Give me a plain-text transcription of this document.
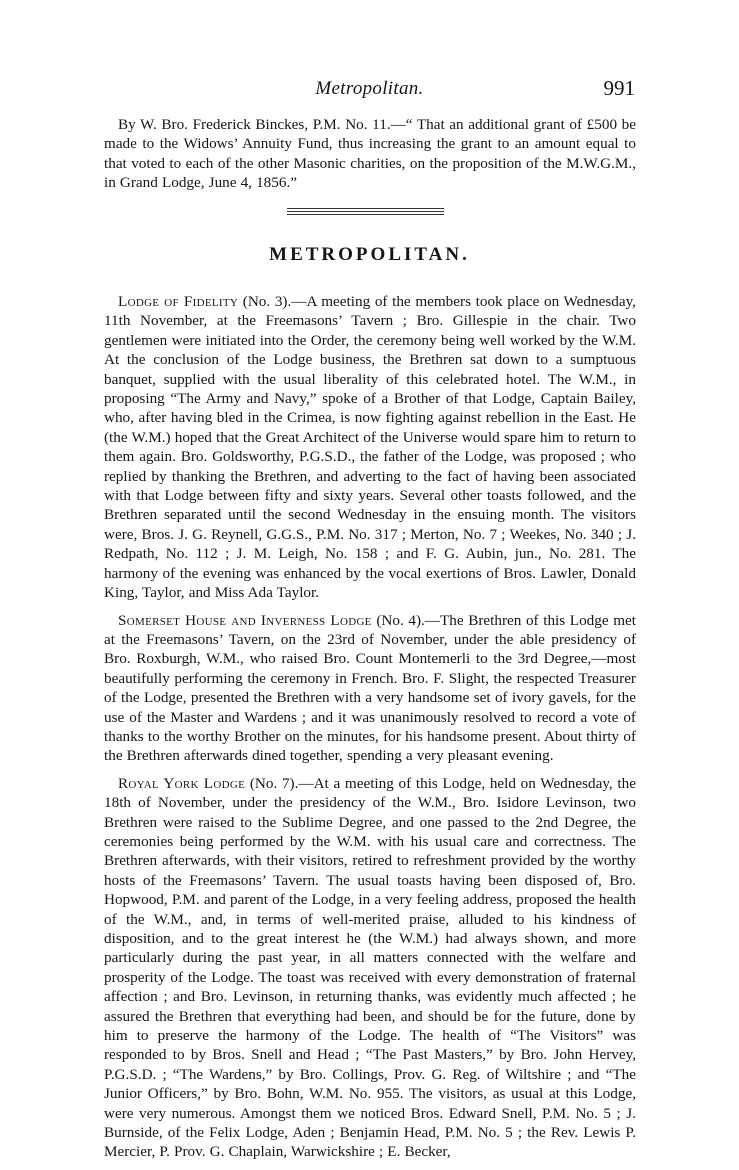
Metropolitan.	991

By W. Bro. Frederick Binckes, P.M. No. 11.—“ That an additional grant of £500 be made to the Widows’ Annuity Fund, thus increasing the grant to an amount equal to that voted to each of the other Masonic charities, on the proposition of the M.W.G.M., in Grand Lodge, June 4, 1856.”

METROPOLITAN.

Lodge of Fidelity (No. 3).—A meeting of the members took place on Wednesday, 11th November, at the Freemasons’ Tavern ; Bro. Gillespie in the chair. Two gentlemen were initiated into the Order, the ceremony being well worked by the W.M. At the conclusion of the Lodge business, the Brethren sat down to a sumptuous banquet, supplied with the usual liberality of this celebrated hotel. The W.M., in proposing “The Army and Navy,” spoke of a Brother of that Lodge, Captain Bailey, who, after having bled in the Crimea, is now fighting against rebellion in the East. He (the W.M.) hoped that the Great Architect of the Universe would spare him to return to them again. Bro. Goldsworthy, P.G.S.D., the father of the Lodge, was proposed ; who replied by thanking the Brethren, and adverting to the fact of having been associated with that Lodge between fifty and sixty years. Several other toasts followed, and the Brethren separated until the second Wednesday in the ensuing month. The visitors were, Bros. J. G. Reynell, G.G.S., P.M. No. 317 ; Merton, No. 7 ; Weekes, No. 340 ; J. Redpath, No. 112 ; J. M. Leigh, No. 158 ; and F. G. Aubin, jun., No. 281. The harmony of the evening was enhanced by the vocal exertions of Bros. Lawler, Donald King, Taylor, and Miss Ada Taylor.

Somerset House and Inverness Lodge (No. 4).—The Brethren of this Lodge met at the Freemasons’ Tavern, on the 23rd of November, under the able presidency of Bro. Roxburgh, W.M., who raised Bro. Count Montemerli to the 3rd Degree,—most beautifully performing the ceremony in French. Bro. F. Slight, the respected Treasurer of the Lodge, presented the Brethren with a very handsome set of ivory gavels, for the use of the Master and Wardens ; and it was unanimously resolved to record a vote of thanks to the worthy Brother on the minutes, for his handsome present. About thirty of the Brethren afterwards dined together, spending a very pleasant evening.

Royal York Lodge (No. 7).—At a meeting of this Lodge, held on Wednesday, the 18th of November, under the presidency of the W.M., Bro. Isidore Levinson, two Brethren were raised to the Sublime Degree, and one passed to the 2nd Degree, the ceremonies being performed by the W.M. with his usual care and correctness. The Brethren afterwards, with their visitors, retired to refreshment provided by the worthy hosts of the Freemasons’ Tavern. The usual toasts having been disposed of, Bro. Hopwood, P.M. and parent of the Lodge, in a very feeling address, proposed the health of the W.M., and, in terms of well-merited praise, alluded to his kindness of disposition, and to the great interest he (the W.M.) had always shown, and more particularly during the past year, in all matters connected with the welfare and prosperity of the Lodge. The toast was received with every demonstration of fraternal affection ; and Bro. Levinson, in returning thanks, was evidently much affected ; he assured the Brethren that everything had been, and should be for the future, done by him to preserve the harmony of the Lodge. The health of “The Visitors” was responded to by Bros. Snell and Head ; “The Past Masters,” by Bro. John Hervey, P.G.S.D. ; “The Wardens,” by Bro. Collings, Prov. G. Reg. of Wiltshire ; and “The Junior Officers,” by Bro. Bohn, W.M. No. 955. The visitors, as usual at this Lodge, were very numerous. Amongst them we noticed Bros. Edward Snell, P.M. No. 5 ; J. Burnside, of the Felix Lodge, Aden ; Benjamin Head, P.M. No. 5 ; the Rev. Lewis P. Mercier, P. Prov. G. Chaplain, Warwickshire ; E. Becker,
